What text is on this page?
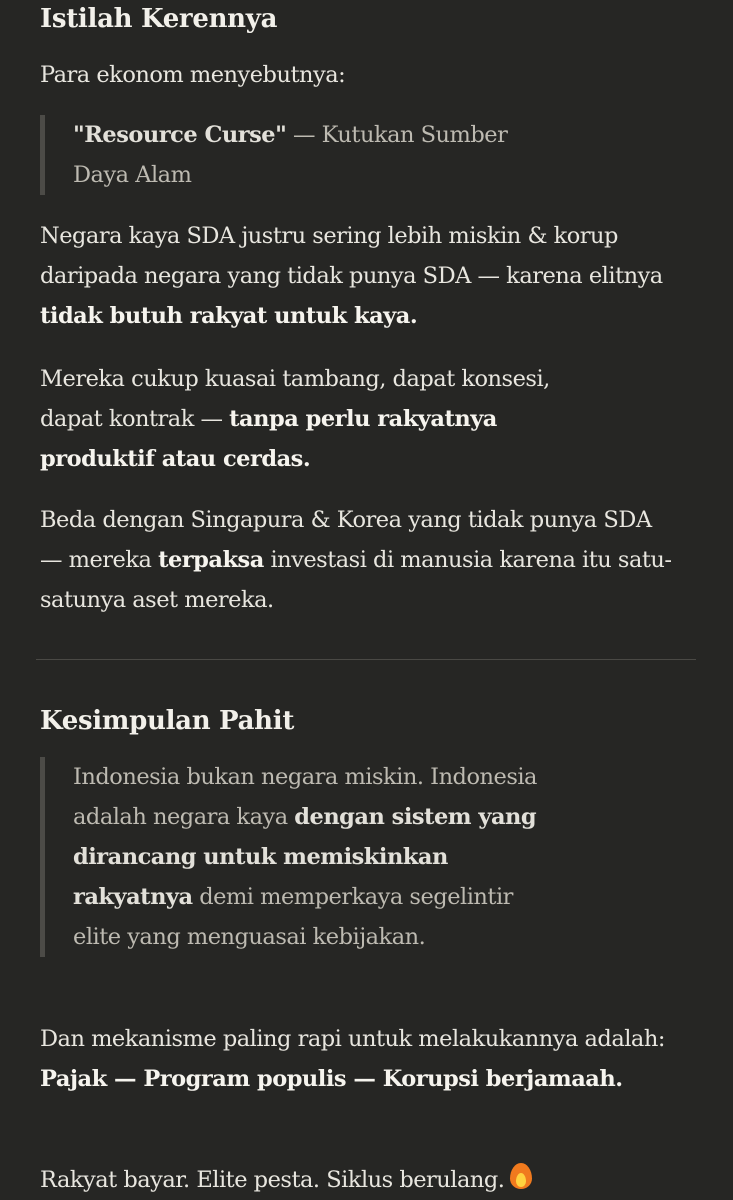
Istilah Kerennya

Para ekonom menyebutnya:

"Resource Curse" — Kutukan Sumber Daya Alam

Negara kaya SDA justru sering lebih miskin & korup daripada negara yang tidak punya SDA — karena elitnya tidak butuh rakyat untuk kaya.

Mereka cukup kuasai tambang, dapat konsesi, dapat kontrak — tanpa perlu rakyatnya produktif atau cerdas.

Beda dengan Singapura & Korea yang tidak punya SDA — mereka terpaksa investasi di manusia karena itu satu-satunya aset mereka.

Kesimpulan Pahit
Indonesia bukan negara miskin. Indonesia adalah negara kaya dengan sistem yang dirancang untuk memiskinkan rakyatnya demi memperkaya segelintir elite yang menguasai kebijakan.

Dan mekanisme paling rapi untuk melakukannya adalah: Pajak — Program populis — Korupsi berjamaah.

Rakyat bayar. Elite pesta. Siklus berulang.
